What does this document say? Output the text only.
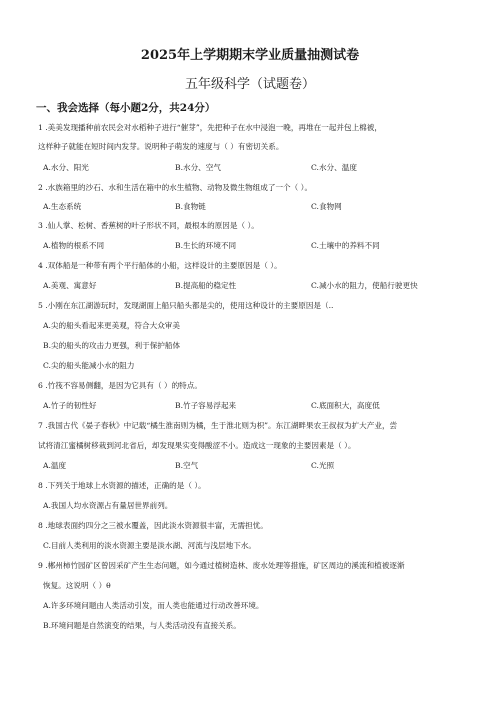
2025年上学期期末学业质量抽测试卷
五年级科学（试题卷）
一、我会选择（每小题2分，共24分）
1 .美美发现播种前农民会对水稻种子进行“催芽”，先把种子在水中浸泡一晚，再堆在一起并包上棉被，
这样种子就能在短时间内发芽。说明种子萌发的速度与（ ）有密切关系。
A.水分、阳光	B.水分、空气	C.水分、温度
2 .水族箱里的沙石、水和生活在箱中的水生植物、动物及微生物组成了一个（ ）。
A.生态系统	B.食物链	C.食物网
3 .仙人掌、松树、香蕉树的叶子形状不同，最根本的原因是（ ）。
A.植物的根系不同	B.生长的环境不同	C.土壤中的养料不同
4 .双体船是一种带有两个平行船体的小船，这样设计的主要原因是（ ）。
A.美观、寓意好	B.提高船的稳定性	C.减小水的阻力，使船行驶更快
5 .小刚在东江湖游玩时，发现湖面上船只船头都是尖的，使用这种设计的主要原因是（..
A.尖的船头看起来更美观，符合大众审美
B.尖的船头的攻击力更强，利于保护船体
C.尖的船头能减小水的阻力
6 .竹筏不容易侧翻，是因为它具有（ ）的特点。
A.竹子的韧性好	B.竹子容易浮起来	C.底面积大，高度低
7 .我国古代《晏子春秋》中记载“橘生淮南则为橘，生于淮北则为枳”。东江湖畔果农王叔叔为扩大产业，尝
试将清江蜜橘树移栽到河北省后，却发现果实变得酸涩不小。造成这一现象的主要因素是（ ）。
A.温度	B.空气	C.光照
8 .下列关于地球上水资源的描述，正确的是（ ）。
A.我国人均水资源占有量居世界前列。
8 .地球表面约四分之三被水覆盖，因此淡水资源很丰富，无需担忧。
C.目前人类利用的淡水资源主要是淡水湖、河流与浅层地下水。
9 .郴州柿竹园矿区曾因采矿产生生态问题，如今通过植树造林、废水处理等措施，矿区周边的溪流和植被逐渐
恢复。这说明（ ）θ
A.许多环境问题由人类活动引发，而人类也能通过行动改善环境。
B.环境问题是自然演变的结果，与人类活动没有直接关系。
